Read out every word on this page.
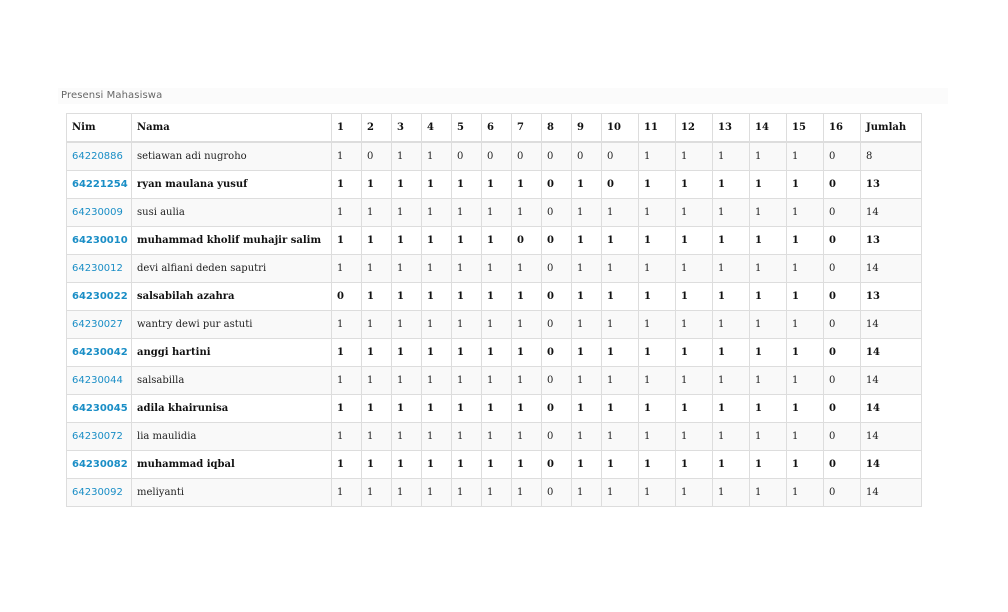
Presensi Mahasiswa
Nim	Nama	1	2	3	4	5	6	7	8	9	10	11	12	13	14	15	16	Jumlah
64220886	setiawan adi nugroho	1	0	1	1	0	0	0	0	0	0	1	1	1	1	1	0	8
64221254	ryan maulana yusuf	1	1	1	1	1	1	1	0	1	0	1	1	1	1	1	0	13
64230009	susi aulia	1	1	1	1	1	1	1	0	1	1	1	1	1	1	1	0	14
64230010	muhammad kholif muhajir salim	1	1	1	1	1	1	0	0	1	1	1	1	1	1	1	0	13
64230012	devi alfiani deden saputri	1	1	1	1	1	1	1	0	1	1	1	1	1	1	1	0	14
64230022	salsabilah azahra	0	1	1	1	1	1	1	0	1	1	1	1	1	1	1	0	13
64230027	wantry dewi pur astuti	1	1	1	1	1	1	1	0	1	1	1	1	1	1	1	0	14
64230042	anggi hartini	1	1	1	1	1	1	1	0	1	1	1	1	1	1	1	0	14
64230044	salsabilla	1	1	1	1	1	1	1	0	1	1	1	1	1	1	1	0	14
64230045	adila khairunisa	1	1	1	1	1	1	1	0	1	1	1	1	1	1	1	0	14
64230072	lia maulidia	1	1	1	1	1	1	1	0	1	1	1	1	1	1	1	0	14
64230082	muhammad iqbal	1	1	1	1	1	1	1	0	1	1	1	1	1	1	1	0	14
64230092	meliyanti	1	1	1	1	1	1	1	0	1	1	1	1	1	1	1	0	14
